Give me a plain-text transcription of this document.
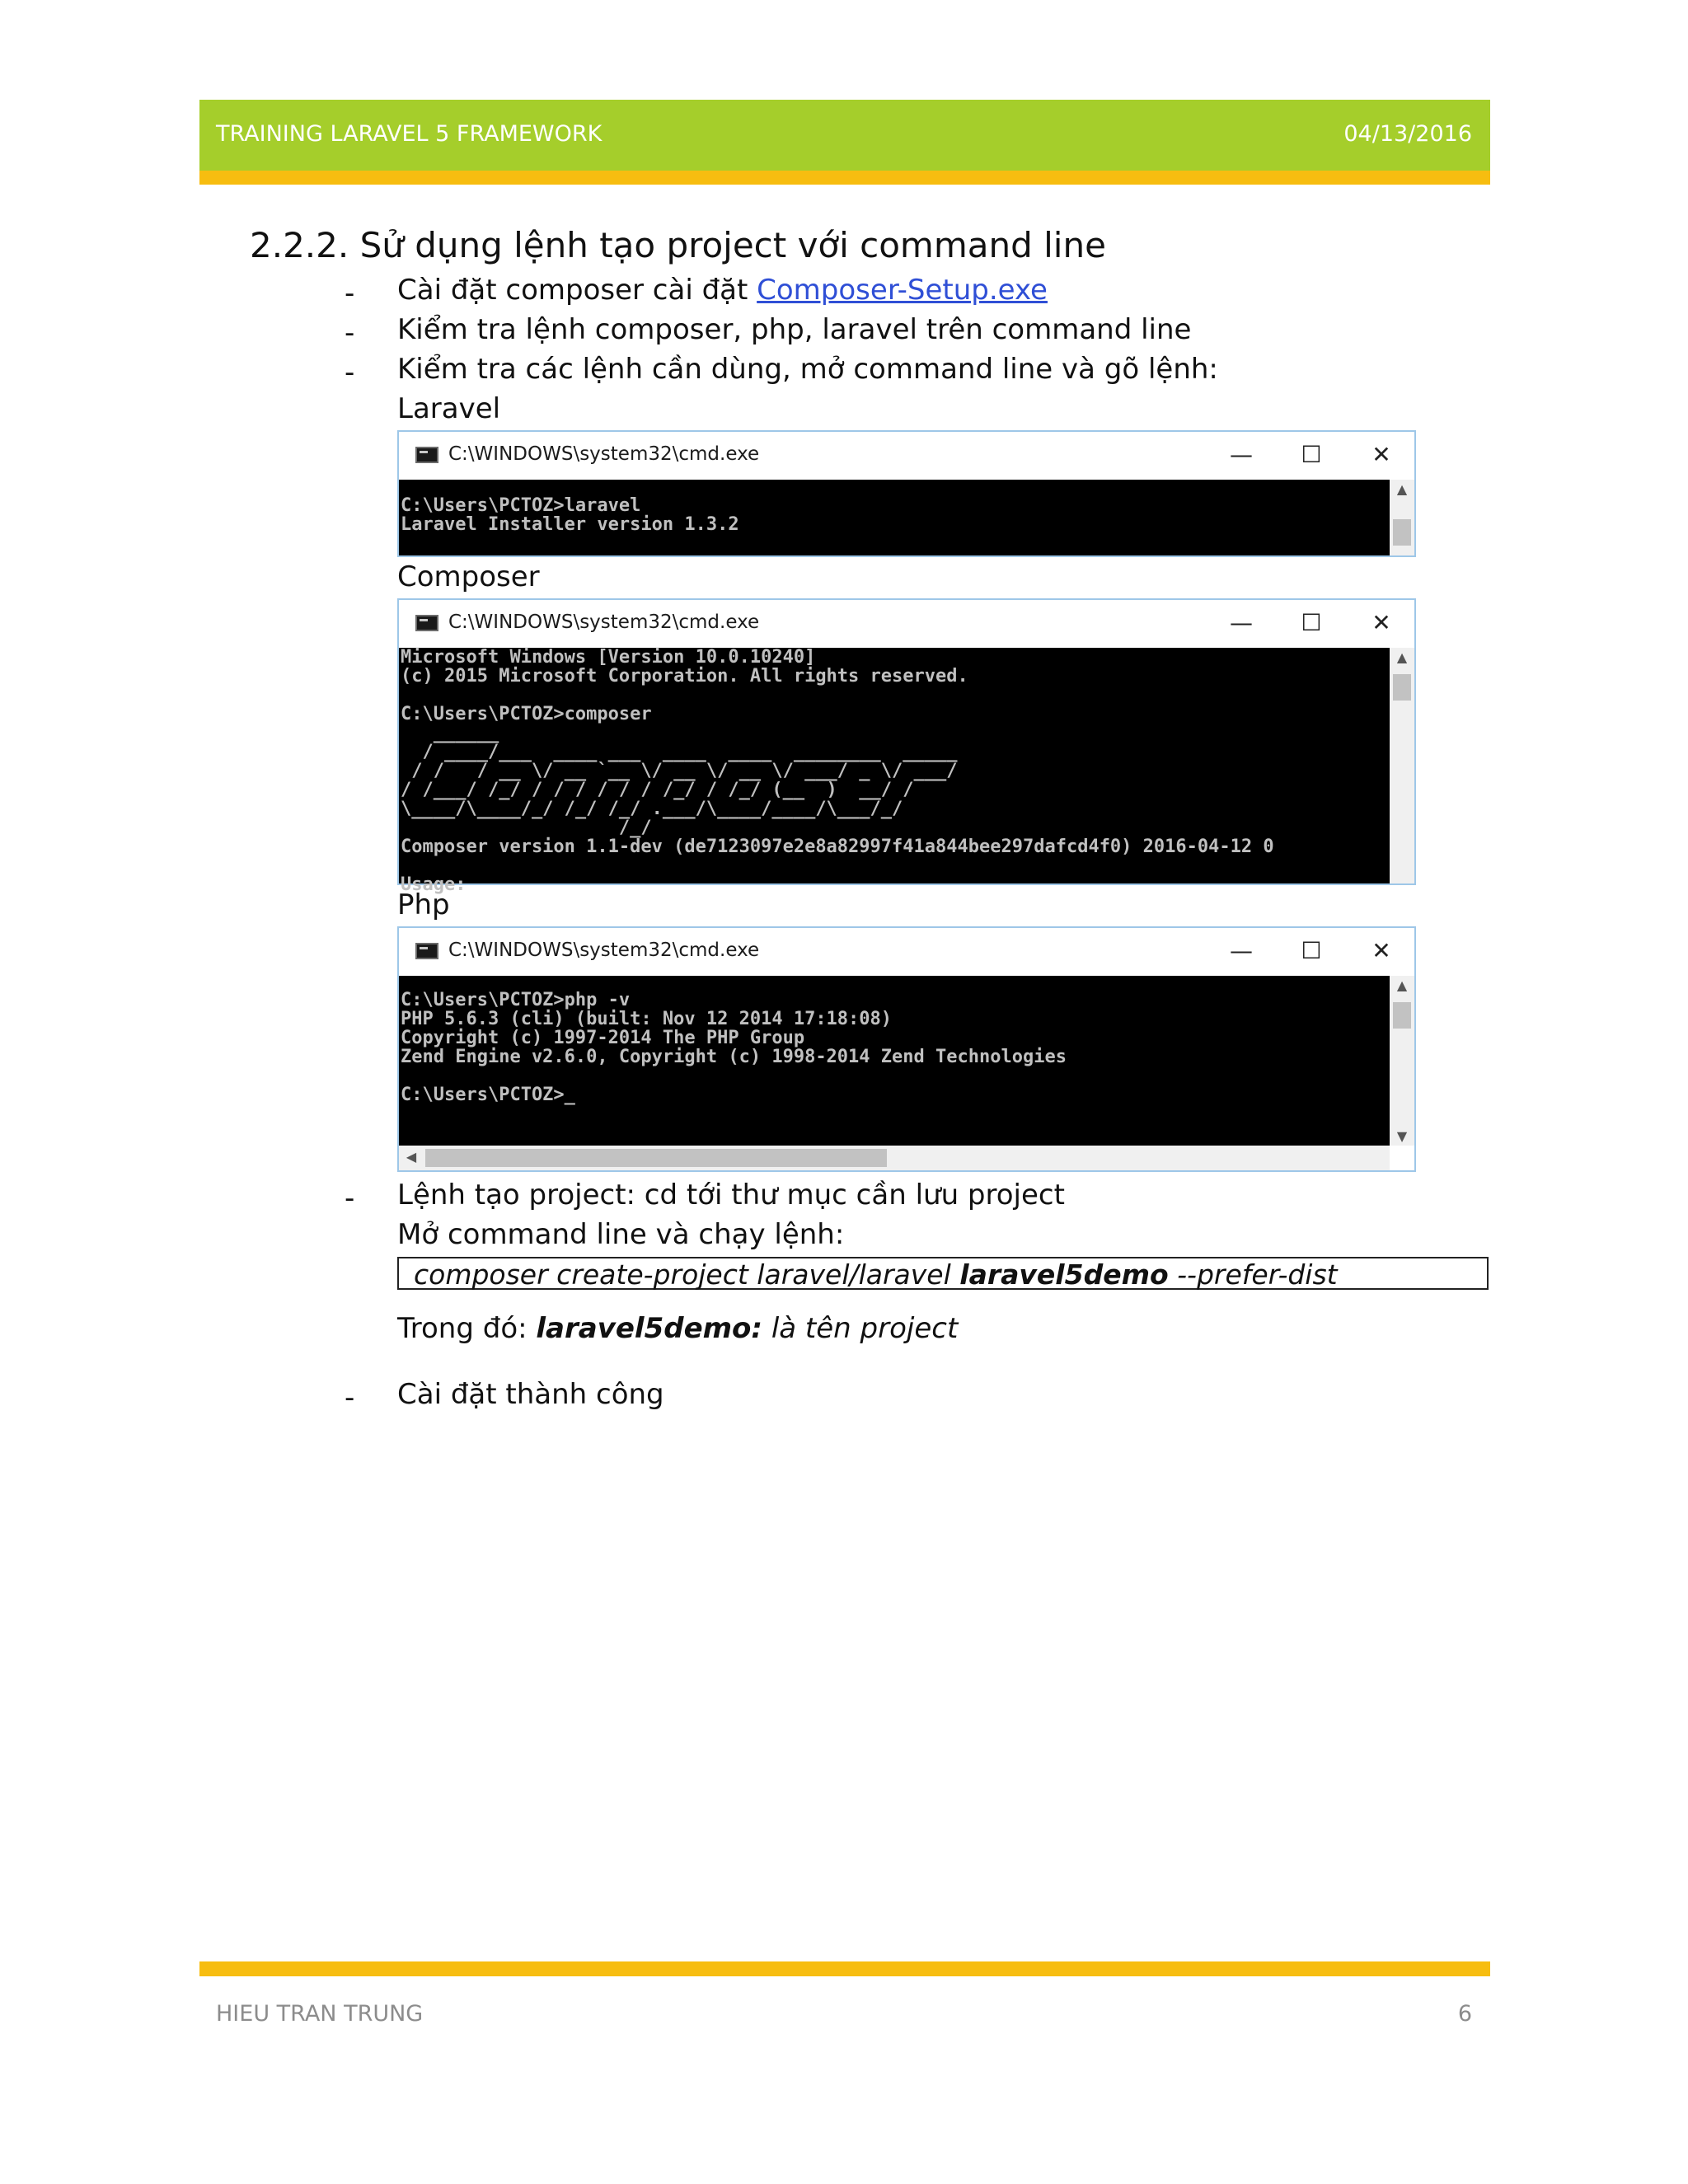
TRAINING LARAVEL 5 FRAMEWORK	04/13/2016
2.2.2. Sử dụng lệnh tạo project với command line
- Cài đặt composer cài đặt Composer-Setup.exe
- Kiểm tra lệnh composer, php, laravel trên command line
- Kiểm tra các lệnh cần dùng, mở command line và gõ lệnh:
Laravel
C:\WINDOWS\system32\cmd.exe	— ☐ ✕
C:\Users\PCTOZ>laravel
Laravel Installer version 1.3.2
▲
Composer
C:\WINDOWS\system32\cmd.exe	— ☐ ✕
Microsoft Windows [Version 10.0.10240]
(c) 2015 Microsoft Corporation. All rights reserved.

C:\Users\PCTOZ>composer
______
/ ____/___  ____ ___  ____  ____  ________  _____
/ /   / __ \/ __ `__ \/ __ \/ __ \/ ___/ _ \/ ___/
/ /___/ /_/ / / / / / / /_/ / /_/ (__  )  __/ /
\____/\____/_/ /_/ /_/ .___/\____/____/\___/_/
/_/
Composer version 1.1-dev (de7123097e2e8a82997f41a844bee297dafcd4f0) 2016-04-12 0

Usage:
▲
Php
C:\WINDOWS\system32\cmd.exe	— ☐ ✕
C:\Users\PCTOZ>php -v
PHP 5.6.3 (cli) (built: Nov 12 2014 17:18:08)
Copyright (c) 1997-2014 The PHP Group
Zend Engine v2.6.0, Copyright (c) 1998-2014 Zend Technologies

C:\Users\PCTOZ>_
▲
▼
◀
- Lệnh tạo project: cd tới thư mục cần lưu project
Mở command line và chạy lệnh:
composer create-project laravel/laravel laravel5demo --prefer-dist
Trong đó: laravel5demo: là tên project
- Cài đặt thành công
HIEU TRAN TRUNG	6
